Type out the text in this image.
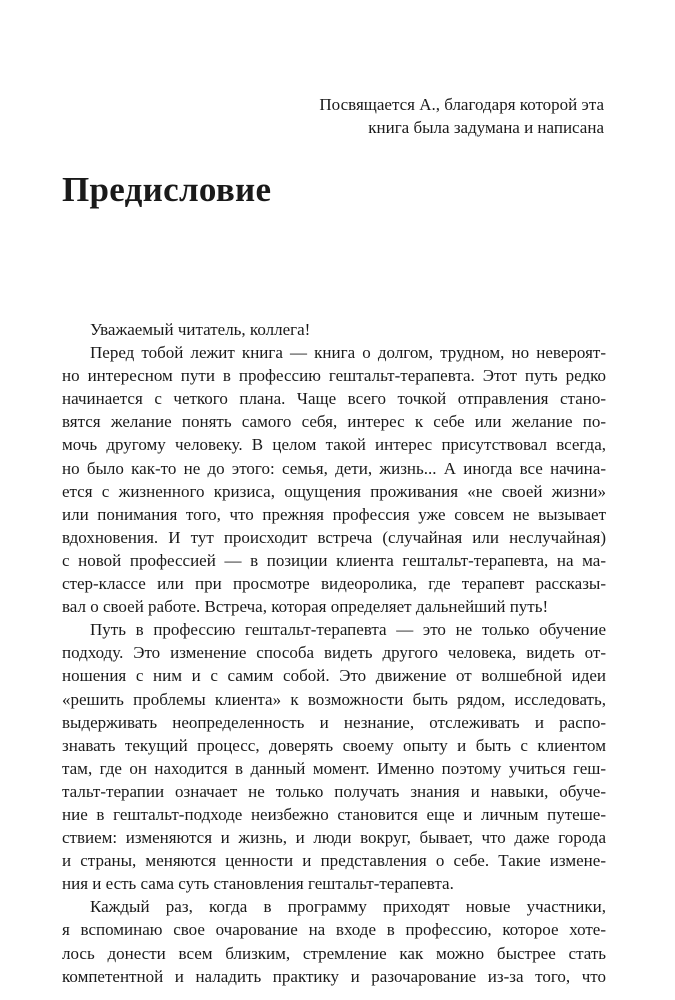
Посвящается А., благодаря которой эта
книга была задумана и написана
Предисловие
Уважаемый читатель, коллега!
Перед тобой лежит книга — книга о долгом, трудном, но невероят-
но интересном пути в профессию гештальт-терапевта. Этот путь редко
начинается с четкого плана. Чаще всего точкой отправления стано-
вятся желание понять самого себя, интерес к себе или желание по-
мочь другому человеку. В целом такой интерес присутствовал всегда,
но было как-то не до этого: семья, дети, жизнь... А иногда все начина-
ется с жизненного кризиса, ощущения проживания «не своей жизни»
или понимания того, что прежняя профессия уже совсем не вызывает
вдохновения. И тут происходит встреча (случайная или неслучайная)
с новой профессией — в позиции клиента гештальт-терапевта, на ма-
стер-классе или при просмотре видеоролика, где терапевт рассказы-
вал о своей работе. Встреча, которая определяет дальнейший путь!
Путь в профессию гештальт-терапевта — это не только обучение
подходу. Это изменение способа видеть другого человека, видеть от-
ношения с ним и с самим собой. Это движение от волшебной идеи
«решить проблемы клиента» к возможности быть рядом, исследовать,
выдерживать неопределенность и незнание, отслеживать и распо-
знавать текущий процесс, доверять своему опыту и быть с клиентом
там, где он находится в данный момент. Именно поэтому учиться геш-
тальт-терапии означает не только получать знания и навыки, обуче-
ние в гештальт-подходе неизбежно становится еще и личным путеше-
ствием: изменяются и жизнь, и люди вокруг, бывает, что даже города
и страны, меняются ценности и представления о себе. Такие измене-
ния и есть сама суть становления гештальт-терапевта.
Каждый раз, когда в программу приходят новые участники,
я вспоминаю свое очарование на входе в профессию, которое хоте-
лось донести всем близким, стремление как можно быстрее стать
компетентной и наладить практику и разочарование из-за того, что
